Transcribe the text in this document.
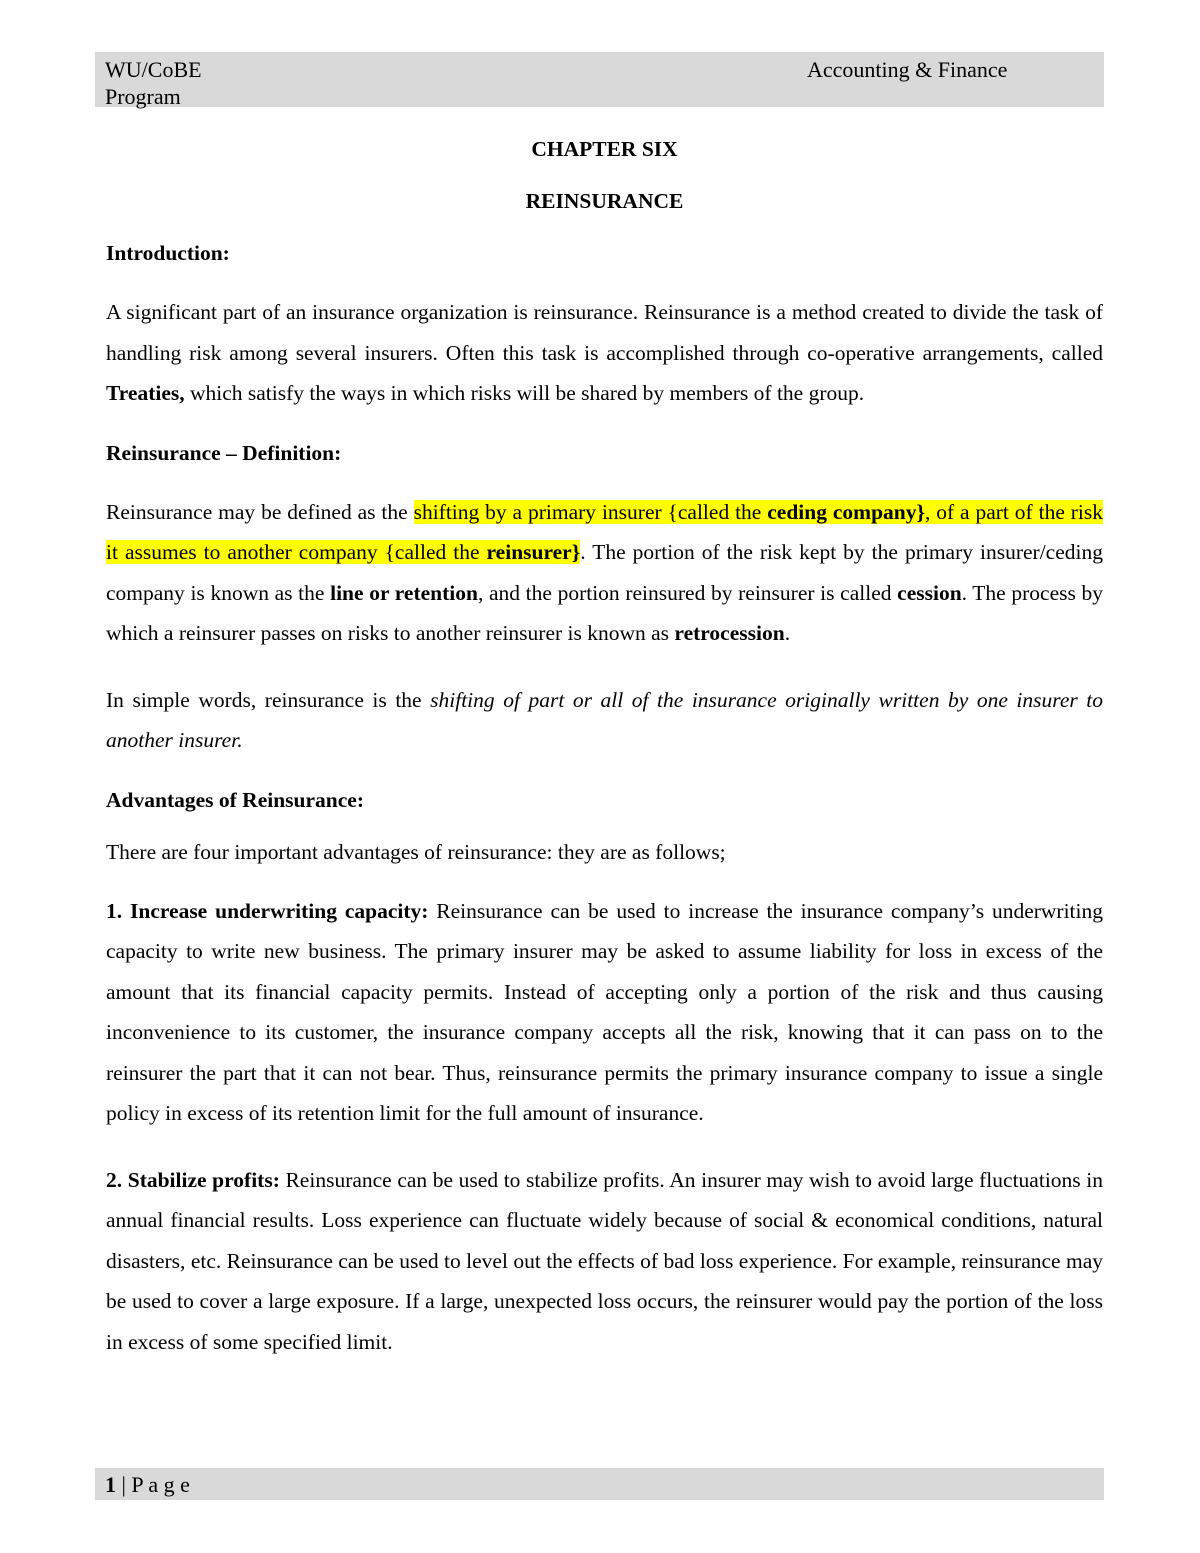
WU/CoBE
Program
Accounting & Finance
CHAPTER SIX
REINSURANCE
Introduction:

A significant part of an insurance organization is reinsurance. Reinsurance is a method created to divide the task of handling risk among several insurers. Often this task is accomplished through co-operative arrangements, called Treaties, which satisfy the ways in which risks will be shared by members of the group.

Reinsurance – Definition:

Reinsurance may be defined as the shifting by a primary insurer {called the ceding company}, of a part of the risk it assumes to another company {called the reinsurer}. The portion of the risk kept by the primary insurer/ceding company is known as the line or retention, and the portion reinsured by reinsurer is called cession. The process by which a reinsurer passes on risks to another reinsurer is known as retrocession.

In simple words, reinsurance is the shifting of part or all of the insurance originally written by one insurer to another insurer.

Advantages of Reinsurance:

There are four important advantages of reinsurance: they are as follows;

1. Increase underwriting capacity: Reinsurance can be used to increase the insurance company’s underwriting capacity to write new business. The primary insurer may be asked to assume liability for loss in excess of the amount that its financial capacity permits. Instead of accepting only a portion of the risk and thus causing inconvenience to its customer, the insurance company accepts all the risk, knowing that it can pass on to the reinsurer the part that it can not bear. Thus, reinsurance permits the primary insurance company to issue a single policy in excess of its retention limit for the full amount of insurance.

2. Stabilize profits: Reinsurance can be used to stabilize profits. An insurer may wish to avoid large fluctuations in annual financial results. Loss experience can fluctuate widely because of social & economical conditions, natural disasters, etc. Reinsurance can be used to level out the effects of bad loss experience. For example, reinsurance may be used to cover a large exposure. If a large, unexpected loss occurs, the reinsurer would pay the portion of the loss in excess of some specified limit.

1 | P a g e
